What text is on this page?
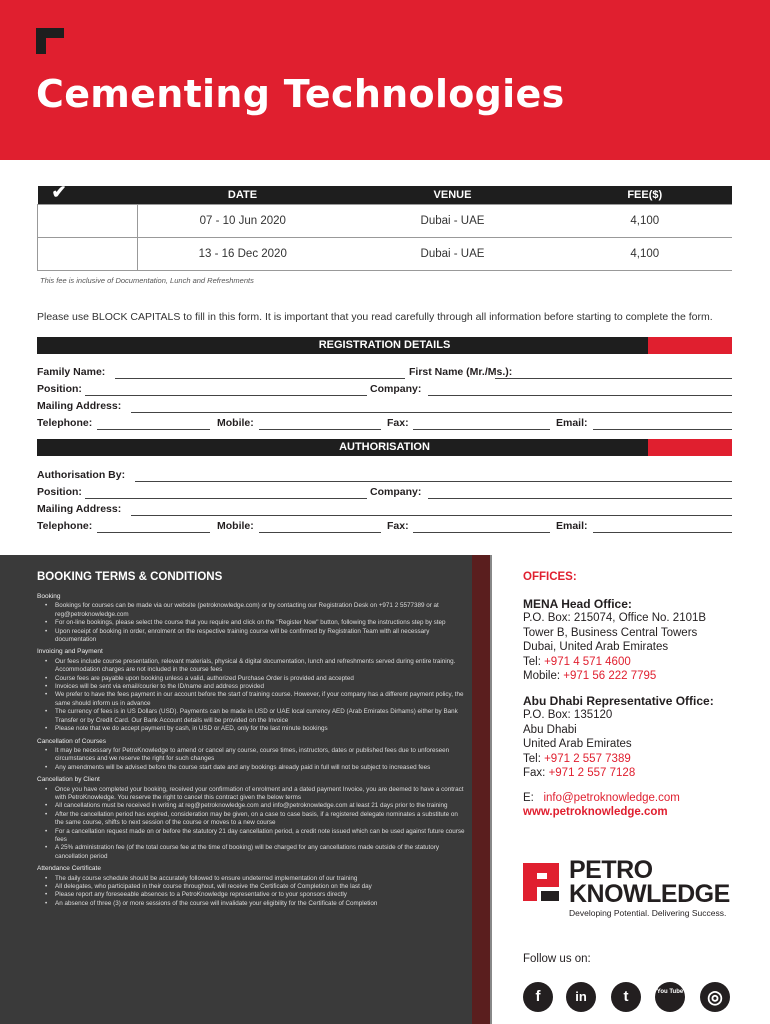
Cementing Technologies
✔	DATE	VENUE	FEE($)
	07 - 10 Jun 2020	Dubai - UAE	4,100
	13 - 16 Dec 2020	Dubai - UAE	4,100
This fee is inclusive of Documentation, Lunch and Refreshments
Please use BLOCK CAPITALS to fill in this form. It is important that you read carefully through all information before starting to complete the form.
REGISTRATION DETAILS
Family Name:	First Name (Mr./Ms.):
Position:	Company:
Mailing Address:
Telephone:	Mobile:	Fax:	Email:
AUTHORISATION
Authorisation By:
Position:	Company:
Mailing Address:
Telephone:	Mobile:	Fax:	Email:
BOOKING TERMS & CONDITIONS
Booking
• Bookings for courses can be made via our website (petroknowledge.com) or by contacting our Registration Desk on +971 2 5577389 or at reg@petroknowledge.com
• For on-line bookings, please select the course that you require and click on the "Register Now" button, following the instructions step by step
• Upon receipt of booking in order, enrolment on the respective training course will be confirmed by Registration Team with all necessary documentation
Invoicing and Payment
• Our fees include course presentation, relevant materials, physical & digital documentation, lunch and refreshments served during entire training. Accommodation charges are not included in the course fees
• Course fees are payable upon booking unless a valid, authorized Purchase Order is provided and accepted
• Invoices will be sent via email/courier to the ID/name and address provided
• We prefer to have the fees payment in our account before the start of training course. However, if your company has a different payment policy, the same should inform us in advance
• The currency of fees is in US Dollars (USD). Payments can be made in USD or UAE local currency AED (Arab Emirates Dirhams) either by Bank Transfer or by Credit Card. Our Bank Account details will be provided on the Invoice
• Please note that we do accept payment by cash, in USD or AED, only for the last minute bookings
Cancellation of Courses
• It may be necessary for PetroKnowledge to amend or cancel any course, course times, instructors, dates or published fees due to unforeseen circumstances and we reserve the right for such changes
• Any amendments will be advised before the course start date and any bookings already paid in full will not be subject to increased fees
Cancellation by Client
• Once you have completed your booking, received your confirmation of enrolment and a dated payment Invoice, you are deemed to have a contract with PetroKnowledge. You reserve the right to cancel this contract given the below terms
• All cancellations must be received in writing at reg@petroknowledge.com and info@petroknowledge.com at least 21 days prior to the training
• After the cancellation period has expired, consideration may be given, on a case to case basis, if a registered delegate nominates a substitute on the same course, shifts to next session of the course or moves to a new course
• For a cancellation request made on or before the statutory 21 day cancellation period, a credit note issued which can be used against future course fees
• A 25% administration fee (of the total course fee at the time of booking) will be charged for any cancellations made outside of the statutory cancellation period
Attendance Certificate
• The daily course schedule should be accurately followed to ensure undeterred implementation of our training
• All delegates, who participated in their course throughout, will receive the Certificate of Completion on the last day
• Please report any foreseeable absences to a PetroKnowledge representative or to your sponsors directly
• An absence of three (3) or more sessions of the course will invalidate your eligibility for the Certificate of Completion
OFFICES:
MENA Head Office:
P.O. Box: 215074, Office No. 2101B
Tower B, Business Central Towers
Dubai, United Arab Emirates
Tel: +971 4 571 4600
Mobile: +971 56 222 7795
Abu Dhabi Representative Office:
P.O. Box: 135120
Abu Dhabi
United Arab Emirates
Tel: +971 2 557 7389
Fax: +971 2 557 7128
E: info@petroknowledge.com
www.petroknowledge.com
PETRO
KNOWLEDGE
Developing Potential. Delivering Success.
Follow us on:
f	in	t	You Tube	◎
